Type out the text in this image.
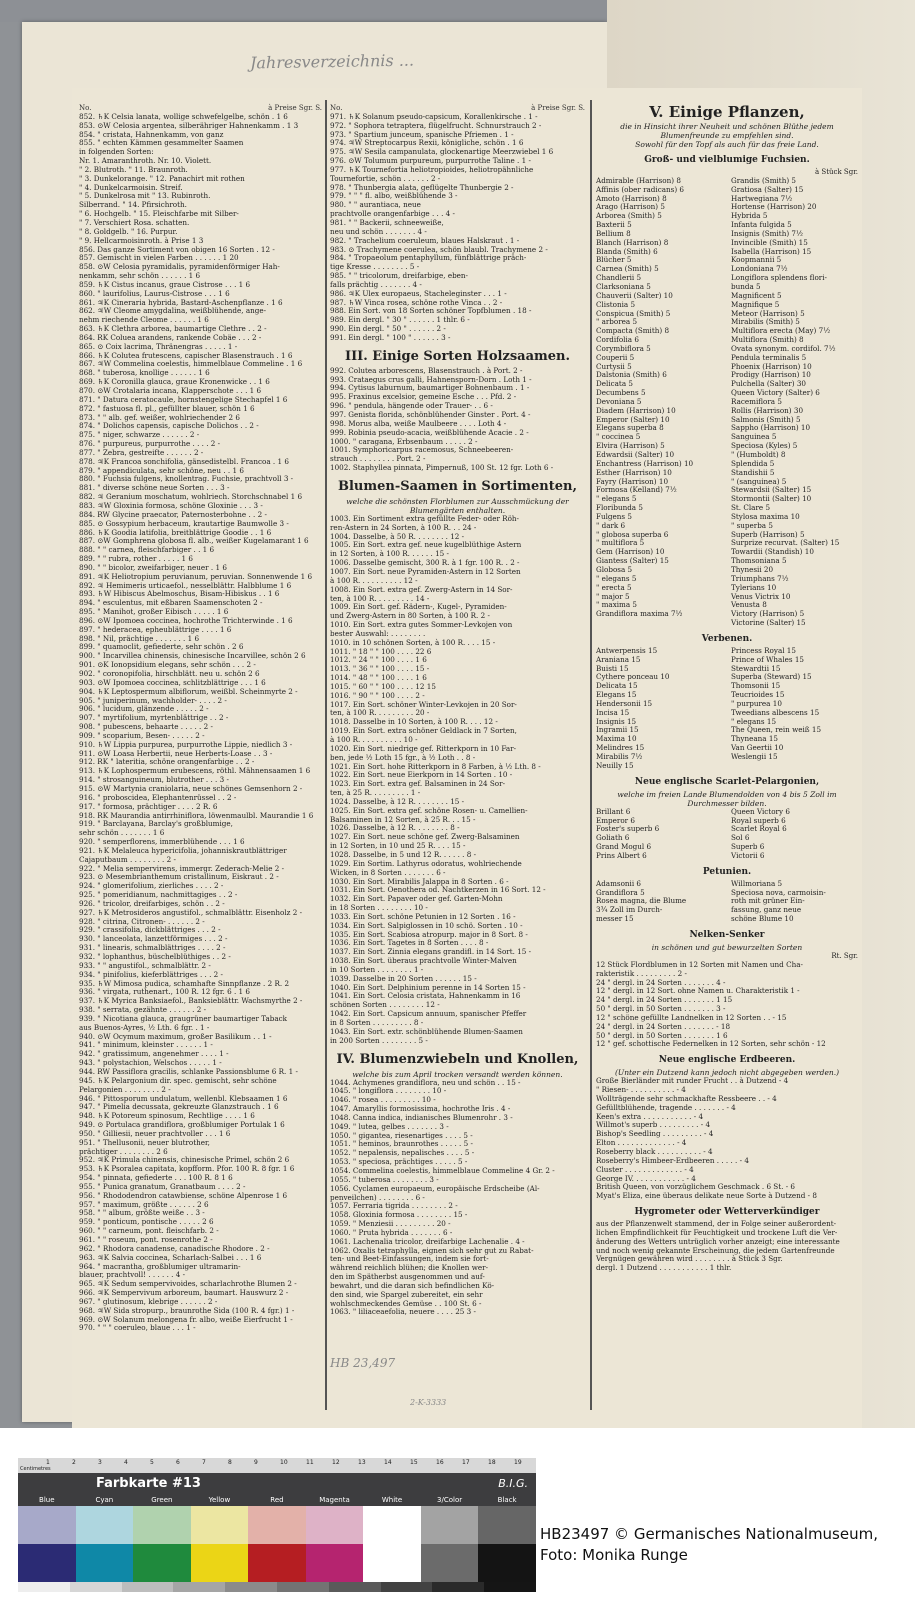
Jahresverzeichnis ...
HB 23,497
2-K-3333
No.	à Preise Sgr. S.
852. ♄K Celsia lanata, wollige schwefelgelbe, schön . 1 6
853. ⊙W Celosia argentea, silberähriger Hahnenkamm . 1 3
854. " cristata, Hahnenkamm, von ganz
855. " echten Kämmen gesammelter Saamen
in folgenden Sorten:
Nr. 1. Amaranthroth. Nr. 10. Violett.
" 2. Blutroth. " 11. Braunroth.
" 3. Dunkelorange. " 12. Panachirt mit rothen
" 4. Dunkelcarmoisin. Streif.
" 5. Dunkelrosa mit " 13. Rubinroth.
Silberrand. " 14. Pfirsichroth.
" 6. Hochgelb. " 15. Fleischfarbe mit Silber-
" 7. Verschiert Rosa. schatten.
" 8. Goldgelb. " 16. Purpur.
" 9. Hellcarmoisinroth. à Prise 1 3
856. Das ganze Sortiment von obigen 16 Sorten . 12 -
857. Gemischt in vielen Farben . . . . . . 1 20
858. ⊙W Celosia pyramidalis, pyramidenförmiger Hah-
nenkamm, sehr schön . . . . . . 1 6
859. ♄K Cistus incanus, graue Cistrose . . . 1 6
860. " laurifolius, Laurus-Cistrose . . . 1 6
861. ♃K Cineraria hybrida, Bastard-Aschenpflanze . 1 6
862. ♃W Cleome amygdalina, weißblühende, ange-
nehm riechende Cleome . . . . . . 1 6
863. ♄K Clethra arborea, baumartige Clethre . . 2 -
864. RK Coluea arandens, rankende Cobäe . . . 2 -
865. ⊙ Coix lacrima, Thränengras . . . . . 1 -
866. ♄K Colutea frutescens, capischer Blasenstrauch . 1 6
867. ♃W Commelina coelestis, himmelblaue Commeline . 1 6
868. " tuberosa, knollige . . . . . . 1 6
869. ♄K Coronilla glauca, graue Kronenwicke . . 1 6
870. ⊙W Crotalaria incana, Klapperschote . . . 1 6
871. " Datura ceratocaule, hornstengelige Stechapfel 1 6
872. " fastuosa fl. pl., gefüllter blauer, schön 1 6
873. " " alb. gef. weißer, wohlriechender 2 6
874. " Dolichos capensis, capische Dolichos . . 2 -
875. " niger, schwarze . . . . . . 2 -
876. " purpureus, purpurrothe . . . . 2 -
877. " Zebra, gestreifte . . . . . . 2 -
878. ♃K Francoa sonchifolia, gänsedistelbl. Francoa . 1 6
879. " appendiculata, sehr schöne, neu . . 1 6
880. " Fuchsia fulgens, knollentrag. Fuchsie, prachtvoll 3 -
881. " diverse schöne neue Sorten . . . 3 -
882. ♃ Geranium moschatum, wohlriech. Storchschnabel 1 6
883. ♃W Gloxinia formosa, schöne Gloxinie . . . 3 -
884. RW Glycine praecator, Paternosterbohne . . 2 -
885. ⊙ Gossypium herbaceum, krautartige Baumwolle 3 -
886. ♄K Goodia latifolia, breitblättrige Goodie . . 1 6
887. ⊙W Gomphrena globosa fl. alb., weißer Kugelamarant 1 6
888. " " carnea, fleischfarbiger . . 1 6
889. " " rubra, rother . . . . . 1 6
890. " " bicolor, zweifarbiger, neuer . 1 6
891. ♃K Heliotropium peruvianum, peruvian. Sonnenwende 1 6
892. ♃ Hemimeris urticaefol., nesselblättr. Halbblume 1 6
893. ♄W Hibiscus Abelmoschus, Bisam-Hibiskus . . 1 6
894. " esculentus, mit eßbaren Saamenschoten 2 -
895. " Manihot, großer Eibisch . . . . . 1 6
896. ⊙W Ipomoea coccinea, hochrothe Trichterwinde . 1 6
897. " hederacea, epheublättrige . . . . 1 6
898. " Nil, prächtige . . . . . . . 1 6
899. " quamoclit, gefiederte, sehr schön . 2 6
900. " Incarvillea chinensis, chinesische Incarvillee, schön 2 6
901. ⊙K Ionopsidium elegans, sehr schön . . . 2 -
902. " coronopifolia, hirschblätt. neu u. schön 2 6
903. ⊙W Ipomoea coccinea, schlitzblättrige . . . 1 6
904. ♄K Leptospermum albiflorum, weißbl. Scheinmyrte 2 -
905. " juniperinum, wachholder- . . . . 2 -
906. " lucidum, glänzende . . . . . 2 -
907. " myrtifolium, myrtenblättrige . . 2 -
908. " pubescens, behaarte . . . . . 2 -
909. " scoparium, Besen- . . . . . 2 -
910. ♄W Lippia purpurea, purpurrothe Lippie, niedlich 3 -
911. ⊙W Loasa Herbertii, neue Herberts-Loase . . 3 -
912. RK " lateritia, schöne orangenfarbige . . 2 -
913. ♄K Lophospermum erubescens, röthl. Mähnensaamen 1 6
914. " strosanguineum, blutrother . . . 3 -
915. ⊙W Martynia craniolaria, neue schönes Gemsenhorn 2 -
916. " proboscidea, Elephantenrüssel . . 2 -
917. " formosa, prächtiger . . . . 2 R. 6
918. RK Maurandia antirrhiniflora, löwenmaulbl. Maurandie 1 6
919. " Barclayana, Barclay's großblumige,
sehr schön . . . . . . . 1 6
920. " semperflorens, immerblühende . . . 1 6
921. ♄K Melaleuca hypericifolia, johanniskrautblättriger
Cajaputbaum . . . . . . . . 2 -
922. " Melia sempervirens, immergr. Zederach-Melie 2 -
923. ⊙ Mesembrianthemum cristallinum, Eiskraut . 2 -
924. " glomerifolium, zierliches . . . . 2 -
925. " pomeridianum, nachmittagiges . . 2 -
926. " tricolor, dreifarbiges, schön . . 2 -
927. ♄K Metrosideros angustifol., schmalblättr. Eisenholz 2 -
928. " citrina, Citronen- . . . . . . 2 -
929. " crassifolia, dickblättriges . . . 2 -
930. " lanceolata, lanzettförmiges . . . 2 -
931. " linearis, schmalblättriges . . . . 2 -
932. " lophanthus, büschelblüthiges . . 2 -
933. " " angustifol., schmalblättr. 2 -
934. " pinifolius, kieferblättriges . . . 2 -
935. ♄W Mimosa pudica, schamhafte Sinnpflanze . 2 R. 2
936. " virgata, ruthenart., 100 R. 12 fgr. 6 . 1 6
937. ♄K Myrica Banksiaefol., Banksieblättr. Wachsmyrthe 2 -
938. " serrata, gezähnte . . . . . . 2 -
939. " Nicotiana glauca, graugrüner baumartiger Taback
aus Buenos-Ayres, ½ Lth. 6 fgr. . 1 -
940. ⊙W Ocymum maximum, großer Basilikum . . 1 -
941. " minimum, kleinster . . . . . . 1 -
942. " gratissimum, angenehmer . . . . 1 -
943. " polystachion, Welschos . . . . . 1 -
944. RW Passiflora gracilis, schlanke Passionsblume 6 R. 1 -
945. ♄K Pelargonium dir. spec. gemischt, sehr schöne
Pelargonien . . . . . . . . 2 -
946. " Pittosporum undulatum, wellenbl. Klebsaamen 1 6
947. " Pimelia decussata, gekreuzte Glanzstrauch . 1 6
948. ♄K Potoreum spinosum, Rechtlige . . . . 1 6
949. ⊙ Portulaca grandiflora, großblumiger Portulak 1 6
950. " Gilliesii, neuer prachtvoller . . . 1 6
951. " Thellusonii, neuer blutrother,
prächtiger . . . . . . . . 2 6
952. ♃K Primula chinensis, chinesische Primel, schön 2 6
953. ♄K Psoralea capitata, kopfform. Pfor. 100 R. 8 fgr. 1 6
954. " pinnata, gefiederte . . . 100 R. 8 1 6
955. " Punica granatum, Granatbaum . . . . 2 -
956. " Rhododendron catawbiense, schöne Alpenrose 1 6
957. " maximum, größte . . . . . . 2 6
958. " " album, größte weiße . . 3 -
959. " ponticum, pontische . . . . . 2 6
960. " " carneum, pont. fleischfarb. 2 -
961. " " roseum, pont. rosenrothe 2 -
962. " Rhodora canadense, canadische Rhodore . 2 -
963. ♃K Salvia coccinea, Scharlach-Salbei . . . 1 6
964. " macrantha, großblumiger ultramarin-
blauer, prachtvoll! . . . . . . 4 -
965. ♃K Sedum sempervivoides, scharlachrothe Blumen 2 -
966. ♃K Sempervivum arboreum, baumart. Hauswurz 2 -
967. " glutinosum, klebrige . . . . . . 2 -
968. ♃W Sida stropurp., braunrothe Sida (100 R. 4 fgr.) 1 -
969. ⊙W Solanum melongena fr. albo, weiße Eierfrucht 1 -
970. " " " coeruleo, blaue . . . 1 -
No.	à Preise Sgr. S.
971. ♄K Solanum pseudo-capsicum, Korallenkirsche . 1 -
972. " Sophora tetraptera, flügelfrucht. Schnurstrauch 2 -
973. " Spartium junceum, spanische Pfriemen . 1 -
974. ♃W Streptocarpus Rexii, königliche, schön . 1 6
975. ♃W Sesila campanulata, glockenartige Meerzwiebel 1 6
976. ⊙W Tolumum purpureum, purpurrothe Taline . 1 -
977. ♄K Tournefortia heliotropioides, heliotropähnliche
Tournefortie, schön . . . . . . 2 -
978. " Thunbergia alata, geflügelte Thunbergie 2 -
979. " " " fl. albo, weißblühende 3 -
980. " " aurantiaca, neue
prachtvolle orangenfarbige . . . 4 -
981. " " Backerii, schneeweiße,
neu und schön . . . . . . . 4 -
982. " Trachelium coeruleum, blaues Halskraut . 1 -
983. ⊙ Trachymene coerulea, schön blaubl. Trachymene 2 -
984. " Tropaeolum pentaphyllum, fünfblättrige präch-
tige Kresse . . . . . . . . 5 -
985. " " tricolorum, dreifarbige, eben-
falls prächtig . . . . . . . 4 -
986. ♃K Ulex europaeus, Stacheleginster . . . 1 -
987. ♄W Vinca rosea, schöne rothe Vinca . . 2 -
988. Ein Sort. von 18 Sorten schöner Topfblumen . 18 -
989. Ein dergl. " 30 " . . . . . . 1 thlr. 6 -
990. Ein dergl. " 50 " . . . . . . 2 -
991. Ein dergl. " 100 " . . . . . . 3 -
III. Einige Sorten Holzsaamen.
992. Colutea arborescens, Blasenstrauch . à Port. 2 -
993. Crataegus crus galli, Hahnensporn-Dorn . Loth 1 -
994. Cytisus laburnum, baumartiger Bohnenbaum . 1 -
995. Fraxinus excelsior, gemeine Esche . . . Pfd. 2 -
996. " pendula, hängende oder Trauer- . . 6 -
997. Genista florida, schönblühender Ginster . Port. 4 -
998. Morus alba, weiße Maulbeere . . . . Loth 4 -
999. Robinia pseudo-acacia, weißblühende Acacie . 2 -
1000. " caragana, Erbsenbaum . . . . . 2 -
1001. Symphoricarpus racemosus, Schneebeeren-
strauch . . . . . . . . Port. 2 -
1002. Staphyllea pinnata, Pimpernuß, 100 St. 12 fgr. Loth 6 -
Blumen-Saamen in Sortimenten,
welche die schönsten Florblumen zur Ausschmückung der Blumengärten enthalten.
1003. Ein Sortiment extra gefüllte Feder- oder Röh-
ren-Astern in 24 Sorten, à 100 R. . . 24 -
1004. Dasselbe, à 50 R. . . . . . . . 12 -
1005. Ein Sort. extra gef. neue kugelblüthige Astern
in 12 Sorten, à 100 R. . . . . . 15 -
1006. Dasselbe gemischt, 300 R. à 1 fgr. 100 R. . 2 -
1007. Ein Sort. neue Pyramiden-Astern in 12 Sorten
à 100 R. . . . . . . . . . 12 -
1008. Ein Sort. extra gef. Zwerg-Astern in 14 Sor-
ten, à 100 R. . . . . . . . . 14 -
1009. Ein Sort. gef. Rädern-, Kugel-, Pyramiden-
und Zwerg-Astern in 80 Sorten, à 100 R. 2 -
1010. Ein Sort. extra gutes Sommer-Levkojen von
bester Auswahl: . . . . . . . .
1010. in 10 schönen Sorten, à 100 R. . . . 15 -
1011. " 18 " " 100 . . . . 22 6
1012. " 24 " " 100 . . . . 1 6
1013. " 36 " " 100 . . . . 15 -
1014. " 48 " " 100 . . . . 1 6
1015. " 60 " " 100 . . . . 12 15
1016. " 90 " " 100 . . . . 2 -
1017. Ein Sort. schöner Winter-Levkojen in 20 Sor-
ten, à 100 R. . . . . . . . . 20 -
1018. Dasselbe in 10 Sorten, à 100 R. . . . 12 -
1019. Ein Sort. extra schöner Geldlack in 7 Sorten,
à 100 R. . . . . . . . . . 10 -
1020. Ein Sort. niedrige gef. Ritterkporn in 10 Far-
ben, jede ½ Loth 15 fgr., à ½ Loth . . 8 -
1021. Ein Sort. hohe Ritterkporn in 8 Farben, à ½ Lth. 8 -
1022. Ein Sort. neue Eierkporn in 14 Sorten . 10 -
1023. Ein Sort. extra gef. Balsaminen in 24 Sor-
ten, à 25 R. . . . . . . . . 1 -
1024. Dasselbe, à 12 R. . . . . . . . 15 -
1025. Ein Sort. extra gef. schöne Rosen- u. Camellien-
Balsaminen in 12 Sorten, à 25 R. . . 15 -
1026. Dasselbe, à 12 R. . . . . . . . 8 -
1027. Ein Sort. neue schöne gef. Zwerg-Balsaminen
in 12 Sorten, in 10 und 25 R. . . . 15 -
1028. Dasselbe, in 5 und 12 R. . . . . . 8 -
1029. Ein Sortim. Lathyrus odoratus, wohlriechende
Wicken, in 8 Sorten . . . . . . . 6 -
1030. Ein Sort. Mirabilis Jalappa in 8 Sorten . 6 -
1031. Ein Sort. Oenothera od. Nachtkerzen in 16 Sort. 12 -
1032. Ein Sort. Papaver oder gef. Garten-Mohn
in 18 Sorten . . . . . . . . 10 -
1033. Ein Sort. schöne Petunien in 12 Sorten . 16 -
1034. Ein Sort. Salpiglossen in 10 schö. Sorten . 10 -
1035. Ein Sort. Scabiosa atropurp. major in 8 Sort. 8 -
1036. Ein Sort. Tagetes in 8 Sorten . . . . 8 -
1037. Ein Sort. Zinnia elegans grandifl. in 14 Sort. 15 -
1038. Ein Sort. überaus prachtvolle Winter-Malven
in 10 Sorten . . . . . . . . 1 -
1039. Dasselbe in 20 Sorten . . . . . . 15 -
1040. Ein Sort. Delphinium perenne in 14 Sorten 15 -
1041. Ein Sort. Celosia cristata, Hahnenkamm in 16
schönen Sorten . . . . . . . . 12 -
1042. Ein Sort. Capsicum annuum, spanischer Pfeffer
in 8 Sorten . . . . . . . . . 8 -
1043. Ein Sort. extr. schönblühende Blumen-Saamen
in 200 Sorten . . . . . . . . 5 -
IV. Blumenzwiebeln und Knollen,
welche bis zum April trocken versandt werden können.
1044. Achymenes grandiflora, neu und schön . . 15 -
1045. " longiflora . . . . . . . . 10 -
1046. " rosea . . . . . . . . . 10 -
1047. Amaryllis formosissima, hochrothe Iris . 4 -
1048. Canna indica, indianisches Blumenrohr . 3 -
1049. " lutea, gelbes . . . . . . . 3 -
1050. " gigantea, riesenartiges . . . . 5 -
1051. " heminos, braunrothes . . . . . 5 -
1052. " nepalensis, nepalisches . . . . 5 -
1053. " speciosa, prächtiges . . . . . 5 -
1054. Commelina coelestis, himmelblaue Commeline 4 Gr. 2 -
1055. " tuberosa . . . . . . . . 3 -
1056. Cyclamen europaeum, europäische Erdscheibe (Al-
penveilchen) . . . . . . . . 6 -
1057. Ferraria tigrida . . . . . . . . 2 -
1058. Gloxinia formosa . . . . . . . . 15 -
1059. " Menziesii . . . . . . . . . 20 -
1060. " Pruta hybrida . . . . . . . 6 -
1061. Lachenalia tricolor, dreifarbige Lachenalie . 4 -
1062. Oxalis tetraphylla, eignen sich sehr gut zu Rabat-
ten- und Beet-Einfassungen, indem sie fort-
während reichlich blühen; die Knollen wer-
den im Spätherbst ausgenommen und auf-
bewahrt, und die daran sich befindlichen Kö-
den sind, wie Spargel zubereitet, ein sehr
wohlschmeckendes Gemüse . . 100 St. 6 -
1063. " liliaceaefolia, neuere . . . . 25 3 -
V. Einige Pflanzen,
die in Hinsicht ihrer Neuheit und schönen Blüthe jedem Blumenfreunde zu empfehlen sind.
Sowohl für den Topf als auch für das freie Land.
Groß- und vielblumige Fuchsien.
à Stück Sgr.
Admirable (Harrison) 8
Affinis (ober radicans) 6
Amoto (Harrison) 8
Arago (Harrison) 5
Arborea (Smith) 5
Baxterii 5
Bellium 8
Blanch (Harrison) 8
Blanda (Smith) 6
Blücher 5
Carnea (Smith) 5
Chandlerii 5
Clarksoniana 5
Chauverii (Salter) 10
Clistonia 5
Conspicua (Smith) 5
" arborea 5
Compacta (Smith) 8
Cordifolia 6
Corymbiflora 5
Couperii 5
Curtysii 5
Dalstonia (Smith) 6
Delicata 5
Decumbens 5
Devoniana 5
Diadem (Harrison) 10
Emperor (Salter) 10
Elegans superba 8
" coccinea 5
Elvira (Harrison) 5
Edwardsii (Salter) 10
Enchantress (Harrison) 10
Esther (Harrison) 10
Fayry (Harrison) 10
Formosa (Kelland) 7½
" elegans 5
Floribunda 5
Fulgens 5
" dark 6
" globosa superba 6
" multiflora 5
Gem (Harrison) 10
Giantess (Salter) 15
Globosa 5
" elegans 5
" erecta 5
" major 5
" maxima 5
Grandiflora maxima 7½
Grandis (Smith) 5
Gratiosa (Salter) 15
Hartwegiana 7½
Hortense (Harrison) 20
Hybrida 5
Infanta fulgida 5
Insignis (Smith) 7½
Invincible (Smith) 15
Isabella (Harrison) 15
Koopmannii 5
Londoniana 7½
Longiflora splendens flori-
bunda 5
Magnificent 5
Magnifique 5
Meteor (Harrison) 5
Mirabilis (Smith) 5
Multiflora erecta (May) 7½
Multiflora (Smith) 8
Ovata synonym. cordifol. 7½
Pendula terminalis 5
Phoenix (Harrison) 10
Prodigy (Harrison) 10
Pulchella (Salter) 30
Queen Victory (Salter) 6
Racemiflora 5
Rollis (Harrison) 30
Salmonis (Smith) 5
Sappho (Harrison) 10
Sanguinea 5
Speciosa (Kyles) 5
" (Humboldt) 8
Splendida 5
Standishii 5
" (sanguinea) 5
Stewardsii (Salter) 15
Stormontii (Salter) 10
St. Clare 5
Stylosa maxima 10
" superba 5
Superb (Harrison) 5
Surprize recurvat. (Salter) 15
Towardii (Standish) 10
Thomsoniana 5
Thynesii 20
Triumphans 7½
Tylerians 10
Venus Victrix 10
Venusta 8
Victory (Harrison) 5
Victorine (Salter) 15
Verbenen.
Antwerpensis 15
Araniana 15
Buisti 15
Cythere ponceau 10
Delicata 15
Elegans 15
Hendersonii 15
Incisa 15
Insignis 15
Ingramii 15
Maxima 10
Melindres 15
Mirabilis 7½
Neuilly 15
Princess Royal 15
Prince of Whales 15
Stewardtii 15
Superba (Steward) 15
Thomsonii 15
Teucrioides 15
" purpurea 10
Tweedians albescens 15
" elegans 15
The Queen, rein weiß 15
Thyneana 15
Van Geertii 10
Weslengii 15
Neue englische Scarlet-Pelargonien,
welche im freien Lande Blumendolden von 4 bis 5 Zoll im Durchmesser bilden.
Brillant 6
Emperor 6
Foster's superb 6
Goliath 6
Grand Mogul 6
Prins Albert 6
Queen Victory 6
Royal superb 6
Scarlet Royal 6
Sol 6
Superb 6
Victorii 6
Petunien.
Adamsonii 6
Grandiflora 5
Rosea magna, die Blume
3¾ Zoll im Durch-
messer 15
Willmoriana 5
Speciosa nova, carmoisin-
roth mit grüner Ein-
fassung, ganz neue
schöne Blume 10
Nelken-Senker
in schönen und gut bewurzelten Sorten
Rt. Sgr.
12 Stück Flordblumen in 12 Sorten mit Namen und Cha-
rakteristik . . . . . . . . . 2 -
24 " dergl. in 24 Sorten . . . . . . . 4 -
12 " dergl. in 12 Sort. ohne Namen u. Charakteristik 1 -
24 " dergl. in 24 Sorten . . . . . . . 1 15
50 " dergl. in 50 Sorten . . . . . . . 3 -
12 " schöne gefüllte Landnelken in 12 Sorten . . - 15
24 " dergl. in 24 Sorten . . . . . . . - 18
50 " dergl. in 50 Sorten . . . . . . . 1 6
12 " gef. schottische Federnelken in 12 Sorten, sehr schön - 12
Neue englische Erdbeeren.
(Unter ein Dutzend kann jedoch nicht abgegeben werden.)
Große Bierländer mit runder Frucht . . à Dutzend - 4
" Riesen- . . . . . . . . . . - 4
Wollträgende sehr schmackhafte Ressbeere . . - 4
Gefülltblühende, tragende . . . . . . . - 4
Keen's extra . . . . . . . . . . . - 4
Willmot's superb . . . . . . . . . - 4
Bishop's Seedling . . . . . . . . . - 4
Elton . . . . . . . . . . . . . - 4
Roseberry black . . . . . . . . . . - 4
Roseberry's Himbeer-Erdbeeren . . . . . - 4
Cluster . . . . . . . . . . . . . - 4
George IV. . . . . . . . . . . . - 4
British Queen, von vorzüglichem Geschmack . 6 St. - 6
Myat's Eliza, eine überaus delikate neue Sorte à Dutzend - 8
Hygrometer oder Wetterverkündiger
aus der Pflanzenwelt stammend, der in Folge seiner außerordent-
lichen Empfindlichkeit für Feuchtigkeit und trockene Luft die Ver-
änderung des Wetters untrüglich vorher anzeigt; eine interessante
und noch wenig gekannte Erscheinung, die jedem Gartenfreunde
Vergnügen gewähren wird . . . . . . . . à Stück 3 Sgr.
dergl. 1 Dutzend . . . . . . . . . . . 1 thlr.
Centimetres
1	2	3	4	5	6	7	8	9	10	11	12	13	14	15	16	17	18	19
Farbkarte #13	B.I.G.
Blue	Cyan	Green	Yellow	Red	Magenta	White	3/Color	Black
HB23497 © Germanisches Nationalmuseum,
Foto: Monika Runge
